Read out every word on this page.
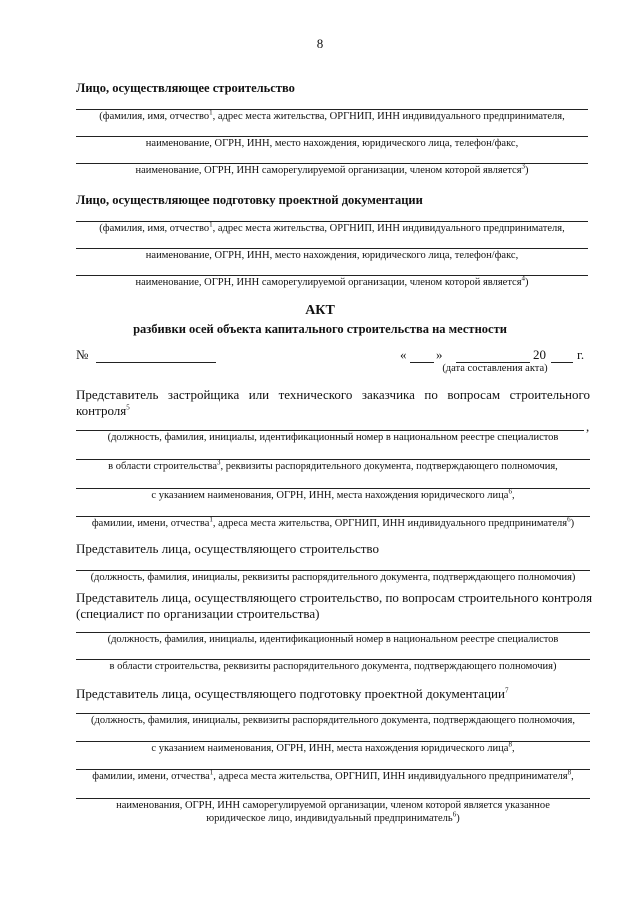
8
Лицо, осуществляющее строительство
(фамилия, имя, отчество$^1$, адрес места жительства, ОРГНИП, ИНН индивидуального предпринимателя,
наименование, ОГРН, ИНН, место нахождения, юридического лица, телефон/факс,
наименование, ОГРН, ИНН саморегулируемой организации, членом которой является$^3$)
Лицо, осуществляющее подготовку проектной документации
(фамилия, имя, отчество$^1$, адрес места жительства, ОРГНИП, ИНН индивидуального предпринимателя,
наименование, ОГРН, ИНН, место нахождения, юридического лица, телефон/факс,
наименование, ОГРН, ИНН саморегулируемой организации, членом которой является$^4$)
АКТ
разбивки осей объекта капитального строительства на местности
№	« »	20 г.
(дата составления акта)
Представитель застройщика или технического заказчика по вопросам строительного
контроля$^5$
,
(должность, фамилия, инициалы, идентификационный номер в национальном реестре специалистов
в области строительства$^3$, реквизиты распорядительного документа, подтверждающего полномочия,
с указанием наименования, ОГРН, ИНН, места нахождения юридического лица$^6$,
фамилии, имени, отчества$^1$, адреса места жительства, ОРГНИП, ИНН индивидуального предпринимателя$^6$)
Представитель лица, осуществляющего строительство
(должность, фамилия, инициалы, реквизиты распорядительного документа, подтверждающего полномочия)
Представитель лица, осуществляющего строительство, по вопросам строительного контроля
(специалист по организации строительства)
(должность, фамилия, инициалы, идентификационный номер в национальном реестре специалистов
в области строительства, реквизиты распорядительного документа, подтверждающего полномочия)
Представитель лица, осуществляющего подготовку проектной документации$^7$
(должность, фамилия, инициалы, реквизиты распорядительного документа, подтверждающего полномочия,
с указанием наименования, ОГРН, ИНН, места нахождения юридического лица$^8$,
фамилии, имени, отчества$^1$, адреса места жительства, ОРГНИП, ИНН индивидуального предпринимателя$^8$,
наименования, ОГРН, ИНН саморегулируемой организации, членом которой является указанное
юридическое лицо, индивидуальный предприниматель$^6$)
